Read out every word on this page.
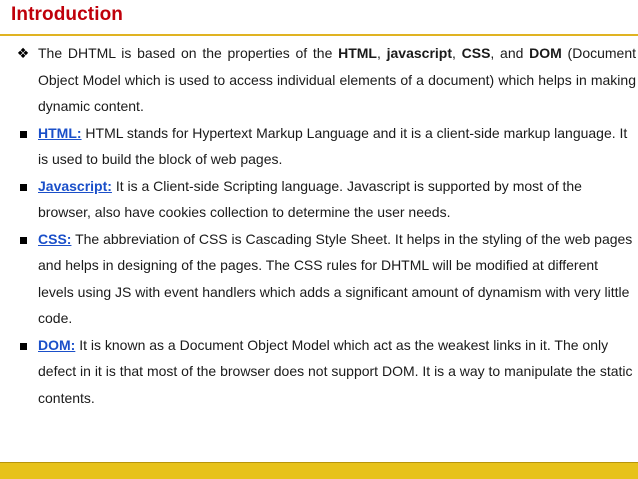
Introduction
❖ The DHTML is based on the properties of the HTML, javascript, CSS, and DOM (Document Object Model which is used to access individual elements of a document) which helps in making dynamic content.
HTML: HTML stands for Hypertext Markup Language and it is a client-side markup language. It is used to build the block of web pages.
Javascript: It is a Client-side Scripting language. Javascript is supported by most of the browser, also have cookies collection to determine the user needs.
CSS: The abbreviation of CSS is Cascading Style Sheet. It helps in the styling of the web pages and helps in designing of the pages. The CSS rules for DHTML will be modified at different levels using JS with event handlers which adds a significant amount of dynamism with very little code.
DOM: It is known as a Document Object Model which act as the weakest links in it. The only defect in it is that most of the browser does not support DOM. It is a way to manipulate the static contents.
